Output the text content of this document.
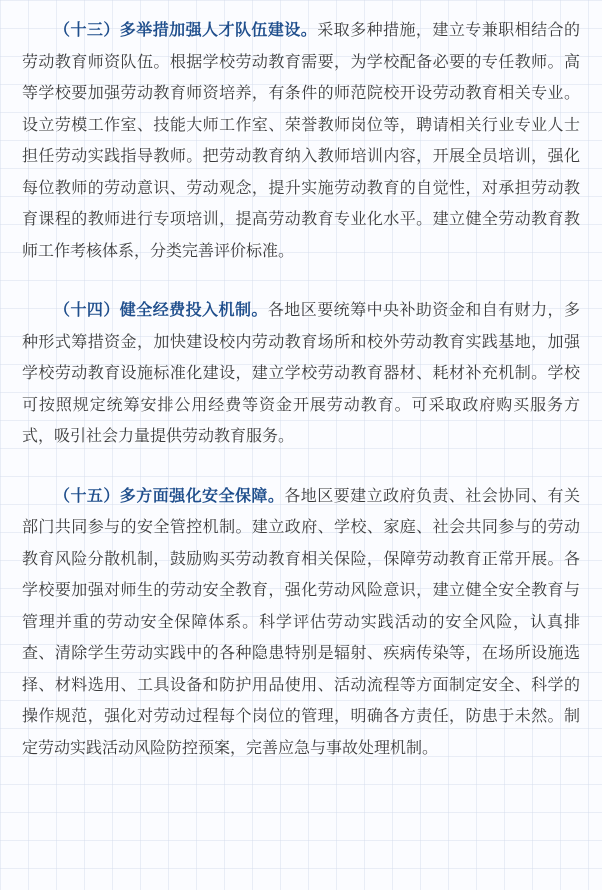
（十三）多举措加强人才队伍建设。采取多种措施，建立专兼职相结合的劳动教育师资队伍。根据学校劳动教育需要，为学校配备必要的专任教师。高等学校要加强劳动教育师资培养，有条件的师范院校开设劳动教育相关专业。设立劳模工作室、技能大师工作室、荣誉教师岗位等，聘请相关行业专业人士担任劳动实践指导教师。把劳动教育纳入教师培训内容，开展全员培训，强化每位教师的劳动意识、劳动观念，提升实施劳动教育的自觉性，对承担劳动教育课程的教师进行专项培训，提高劳动教育专业化水平。建立健全劳动教育教师工作考核体系，分类完善评价标准。

（十四）健全经费投入机制。各地区要统筹中央补助资金和自有财力，多种形式筹措资金，加快建设校内劳动教育场所和校外劳动教育实践基地，加强学校劳动教育设施标准化建设，建立学校劳动教育器材、耗材补充机制。学校可按照规定统筹安排公用经费等资金开展劳动教育。可采取政府购买服务方式，吸引社会力量提供劳动教育服务。

（十五）多方面强化安全保障。各地区要建立政府负责、社会协同、有关部门共同参与的安全管控机制。建立政府、学校、家庭、社会共同参与的劳动教育风险分散机制，鼓励购买劳动教育相关保险，保障劳动教育正常开展。各学校要加强对师生的劳动安全教育，强化劳动风险意识，建立健全安全教育与管理并重的劳动安全保障体系。科学评估劳动实践活动的安全风险，认真排查、清除学生劳动实践中的各种隐患特别是辐射、疾病传染等，在场所设施选择、材料选用、工具设备和防护用品使用、活动流程等方面制定安全、科学的操作规范，强化对劳动过程每个岗位的管理，明确各方责任，防患于未然。制定劳动实践活动风险防控预案，完善应急与事故处理机制。
